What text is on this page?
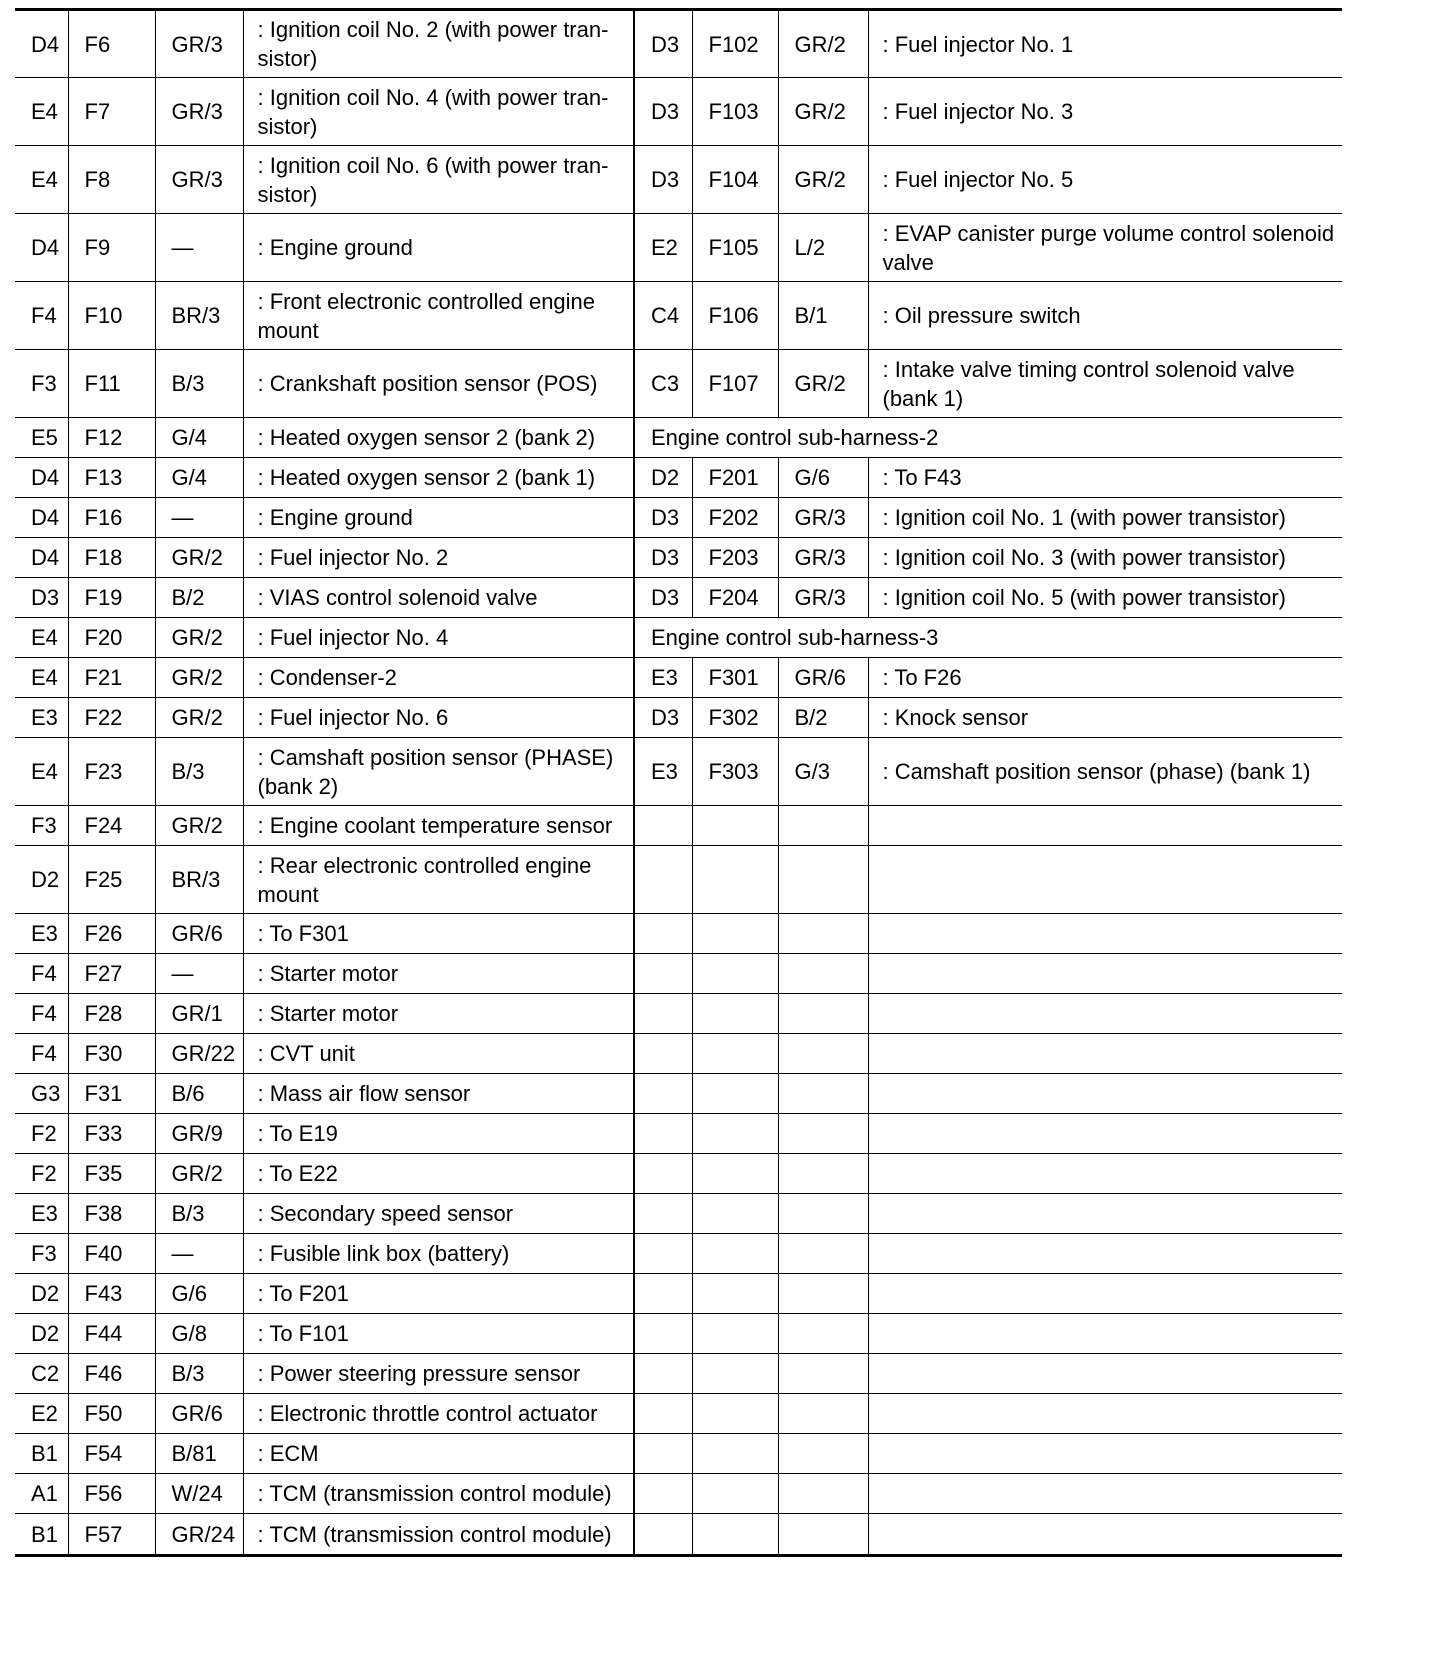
D4	F6	GR/3	: Ignition coil No. 2 (with power tran- sistor)	D3	F102	GR/2	: Fuel injector No. 1
E4	F7	GR/3	: Ignition coil No. 4 (with power tran- sistor)	D3	F103	GR/2	: Fuel injector No. 3
E4	F8	GR/3	: Ignition coil No. 6 (with power tran- sistor)	D3	F104	GR/2	: Fuel injector No. 5
D4	F9	—	: Engine ground	E2	F105	L/2	: EVAP canister purge volume control solenoid valve
F4	F10	BR/3	: Front electronic controlled engine mount	C4	F106	B/1	: Oil pressure switch
F3	F11	B/3	: Crankshaft position sensor (POS)	C3	F107	GR/2	: Intake valve timing control solenoid valve (bank 1)
E5	F12	G/4	: Heated oxygen sensor 2 (bank 2)	Engine control sub-harness-2			
D4	F13	G/4	: Heated oxygen sensor 2 (bank 1)	D2	F201	G/6	: To F43
D4	F16	—	: Engine ground	D3	F202	GR/3	: Ignition coil No. 1 (with power transistor)
D4	F18	GR/2	: Fuel injector No. 2	D3	F203	GR/3	: Ignition coil No. 3 (with power transistor)
D3	F19	B/2	: VIAS control solenoid valve	D3	F204	GR/3	: Ignition coil No. 5 (with power transistor)
E4	F20	GR/2	: Fuel injector No. 4	Engine control sub-harness-3			
E4	F21	GR/2	: Condenser-2	E3	F301	GR/6	: To F26
E3	F22	GR/2	: Fuel injector No. 6	D3	F302	B/2	: Knock sensor
E4	F23	B/3	: Camshaft position sensor (PHASE) (bank 2)	E3	F303	G/3	: Camshaft position sensor (phase) (bank 1)
F3	F24	GR/2	: Engine coolant temperature sensor				
D2	F25	BR/3	: Rear electronic controlled engine mount				
E3	F26	GR/6	: To F301				
F4	F27	—	: Starter motor				
F4	F28	GR/1	: Starter motor				
F4	F30	GR/22	: CVT unit				
G3	F31	B/6	: Mass air flow sensor				
F2	F33	GR/9	: To E19				
F2	F35	GR/2	: To E22				
E3	F38	B/3	: Secondary speed sensor				
F3	F40	—	: Fusible link box (battery)				
D2	F43	G/6	: To F201				
D2	F44	G/8	: To F101				
C2	F46	B/3	: Power steering pressure sensor				
E2	F50	GR/6	: Electronic throttle control actuator				
B1	F54	B/81	: ECM				
A1	F56	W/24	: TCM (transmission control module)				
B1	F57	GR/24	: TCM (transmission control module)				
